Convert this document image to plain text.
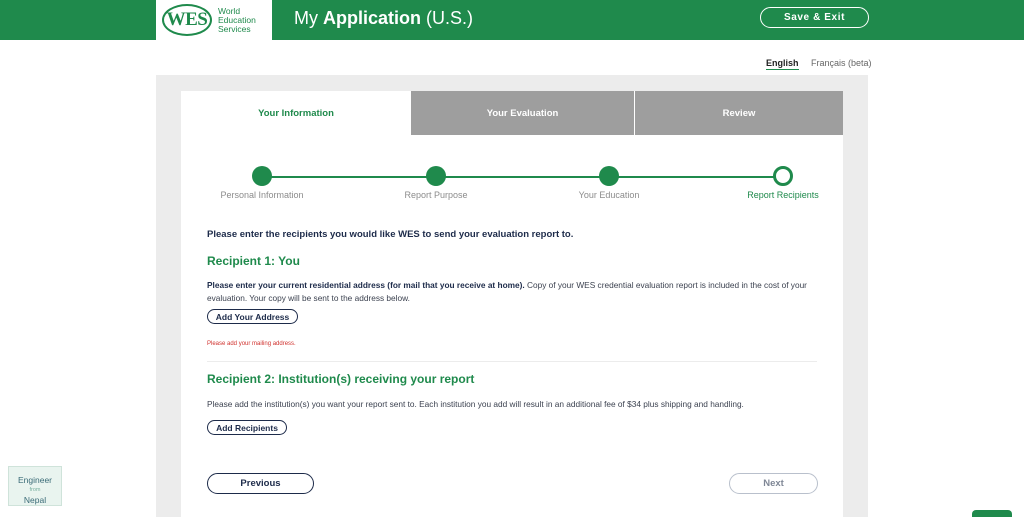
WES	World
Education
Services
My Application (U.S.)	Save & Exit
English Français (beta)
Your Information	Your Evaluation	Review
Personal Information	Report Purpose	Your Education	Report Recipients
Please enter the recipients you would like WES to send your evaluation report to.
Recipient 1: You
Please enter your current residential address (for mail that you receive at home). Copy of your WES credential evaluation report is included in the cost of your evaluation. Your copy will be sent to the address below.
Add Your Address
Please add your mailing address.
Recipient 2: Institution(s) receiving your report
Please add the institution(s) you want your report sent to. Each institution you add will result in an additional fee of $34 plus shipping and handling.
Add Recipients
Previous	Next
Engineer
from
Nepal
